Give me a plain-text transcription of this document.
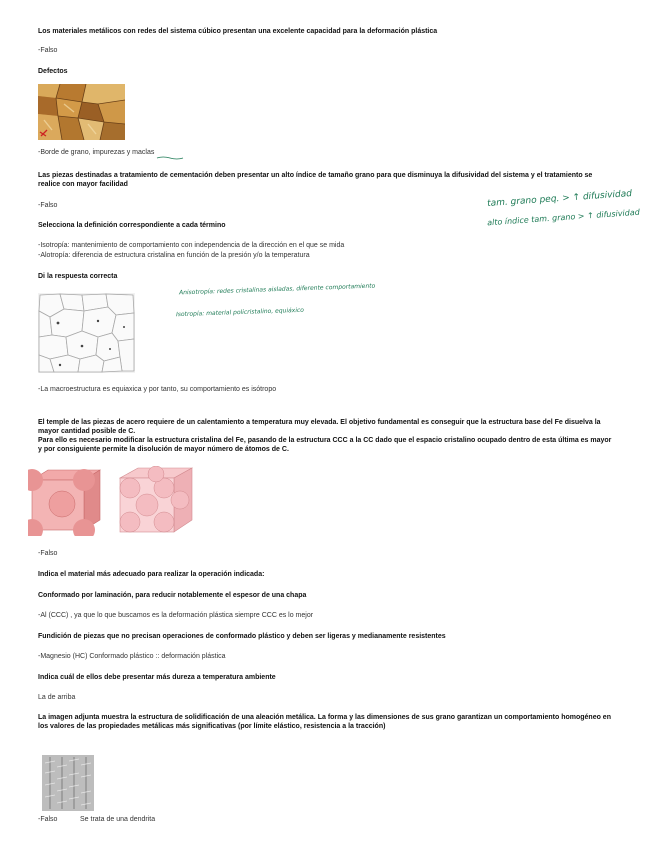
Los materiales metálicos con redes del sistema cúbico presentan una excelente capacidad para la deformación plástica
-Falso
Defectos
-Borde de grano, impurezas y maclas
Las piezas destinadas a tratamiento de cementación deben presentar un alto índice de tamaño grano para que disminuya la difusividad del sistema y el tratamiento se realice con mayor facilidad
-Falso	tam. grano peq. > ↑ difusividad
alto índice tam. grano > ↑ difusividad
Selecciona la definición correspondiente a cada término
-Isotropía: mantenimiento de comportamiento con independencia de la dirección en el que se mida
-Alotropía: diferencia de estructura cristalina en función de la presión y/o la temperatura
Di la respuesta correcta
Anisotropía: redes cristalinas aisladas, diferente comportamiento
Isotropía: material policristalino, equiáxico
-La macroestructura es equiaxica y por tanto, su comportamiento es isótropo
El temple de las piezas de acero requiere de un calentamiento a temperatura muy elevada. El objetivo fundamental es conseguir que la estructura base del Fe disuelva la mayor cantidad posible de C.
Para ello es necesario modificar la estructura cristalina del Fe, pasando de la estructura CCC a la CC dado que el espacio cristalino ocupado dentro de esta última es mayor y por consiguiente permite la disolución de mayor número de átomos de C.
-Falso
Indica el material más adecuado para realizar la operación indicada:
Conformado por laminación, para reducir notablemente el espesor de una chapa
-Al (CCC) , ya que lo que buscamos es la deformación plástica siempre CCC es lo mejor
Fundición de piezas que no precisan operaciones de conformado plástico y deben ser ligeras y medianamente resistentes
-Magnesio (HC) Conformado plástico :: deformación plástica
Indica cuál de ellos debe presentar más dureza a temperatura ambiente
La de arriba
La imagen adjunta muestra la estructura de solidificación de una aleación metálica. La forma y las dimensiones de sus grano garantizan un comportamiento homogéneo en los valores de las propiedades metálicas más significativas (por límite elástico, resistencia a la tracción)
-Falso	Se trata de una dendrita
